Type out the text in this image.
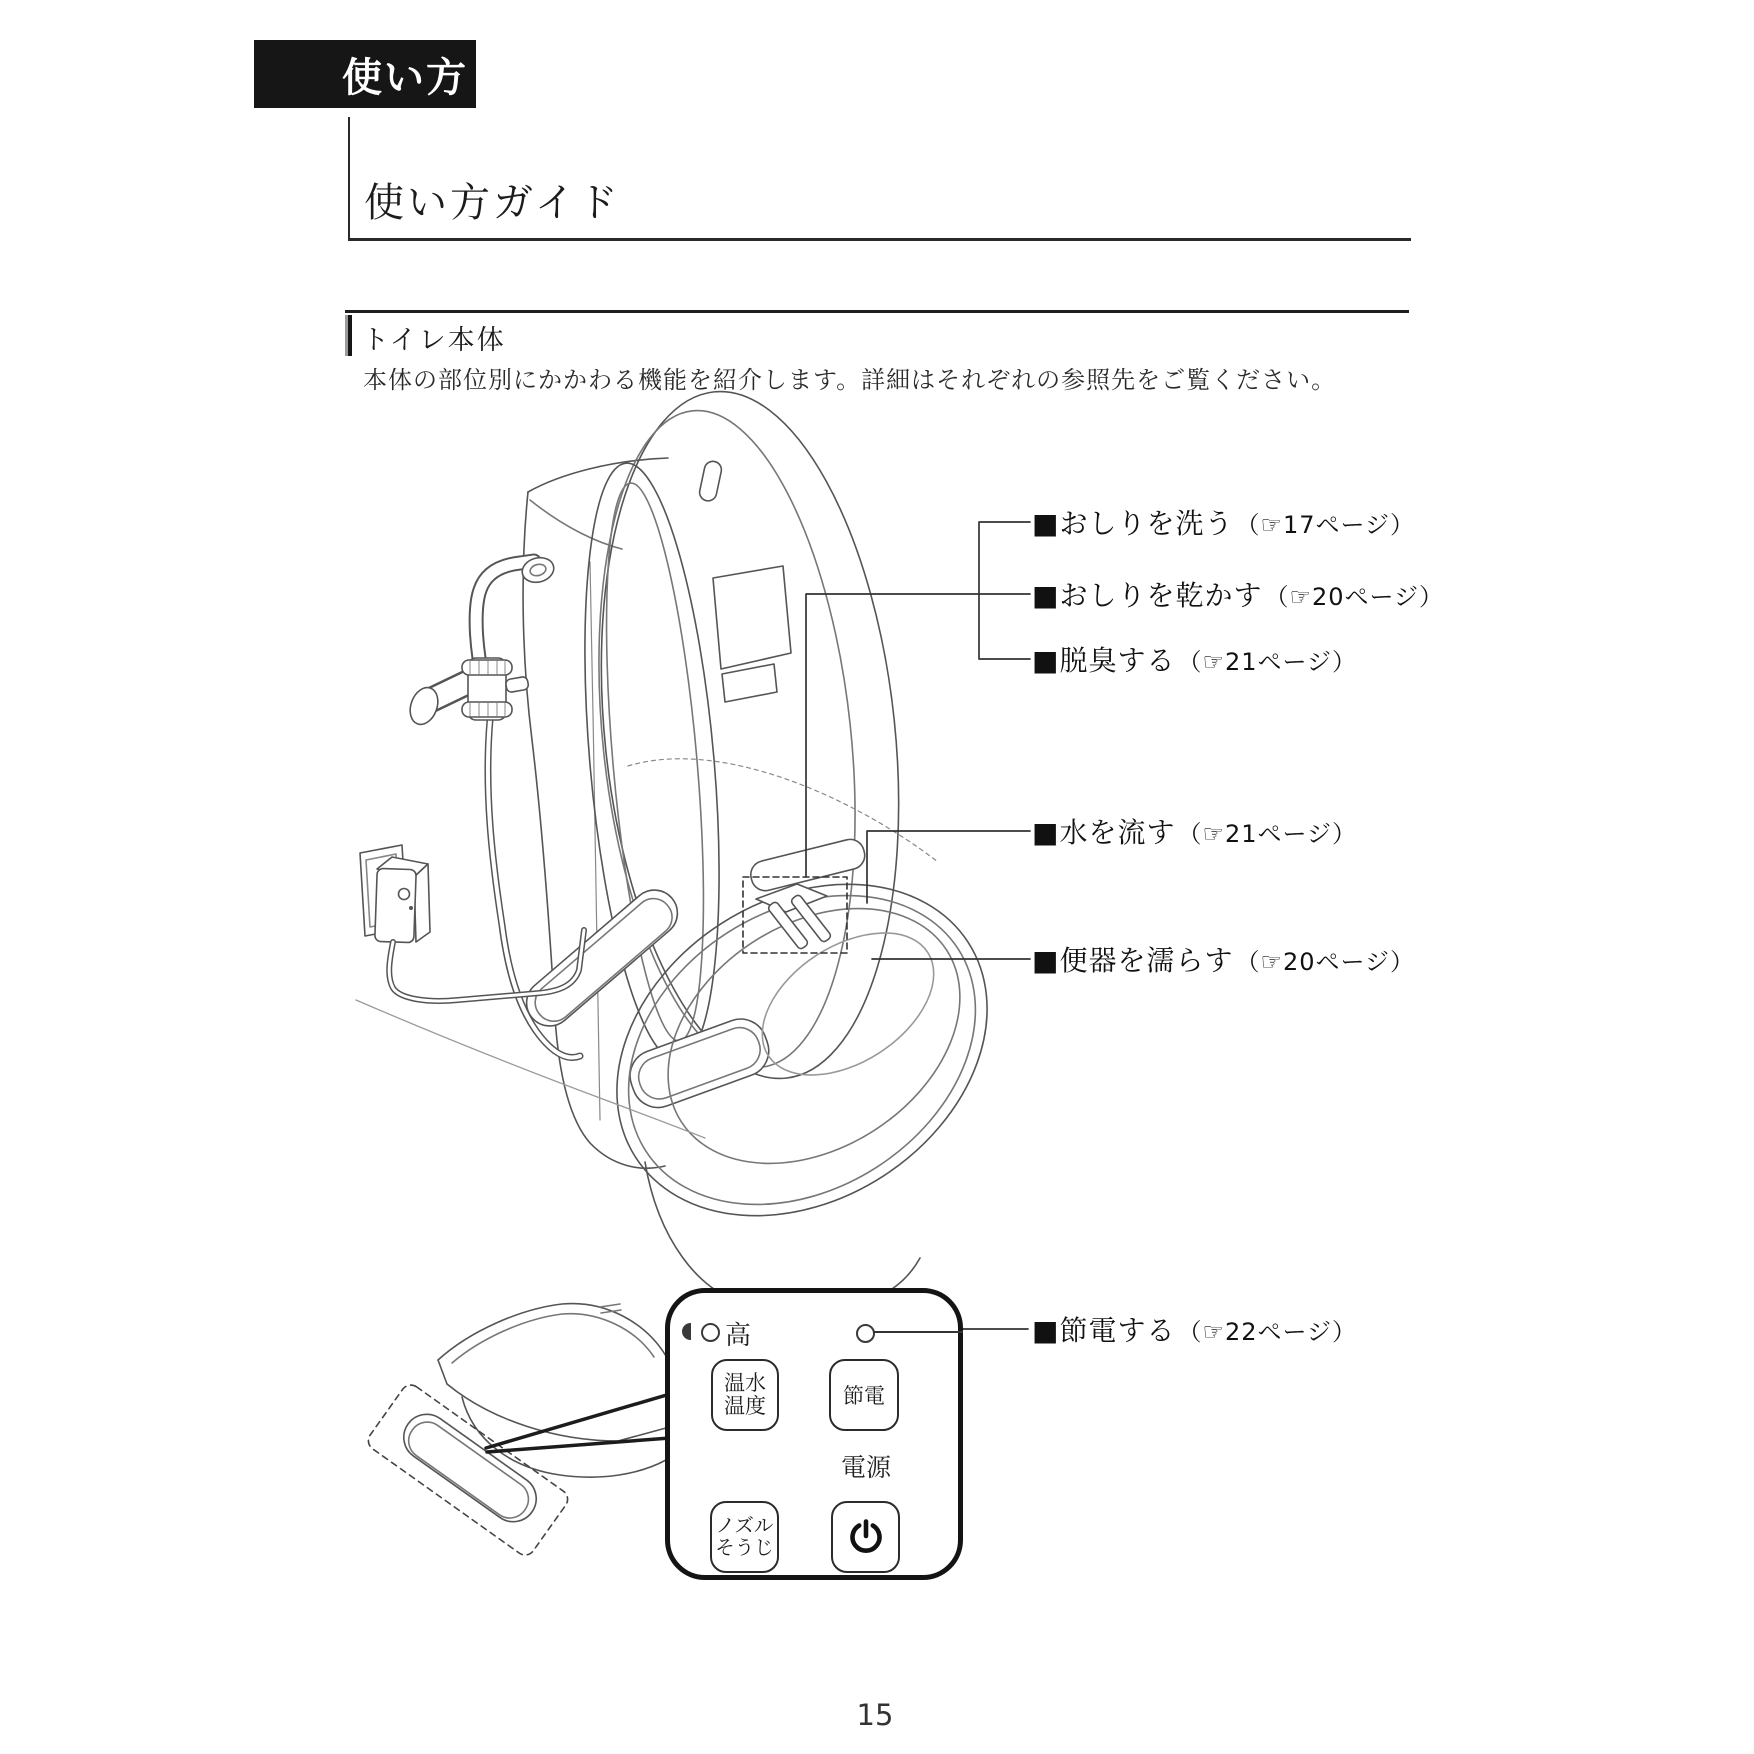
使い方
使い方ガイド
トイレ本体
本体の部位別にかかわる機能を紹介します。詳細はそれぞれの参照先をご覧ください。
■おしりを洗う （☞17ページ）
■おしりを乾かす （☞20ページ）
■脱臭する （☞21ページ）
■水を流す （☞21ページ）
■便器を濡らす （☞20ページ）
■節電する （☞22ページ）
高
温水
温度	節電
電源
ノズル
そうじ
15
